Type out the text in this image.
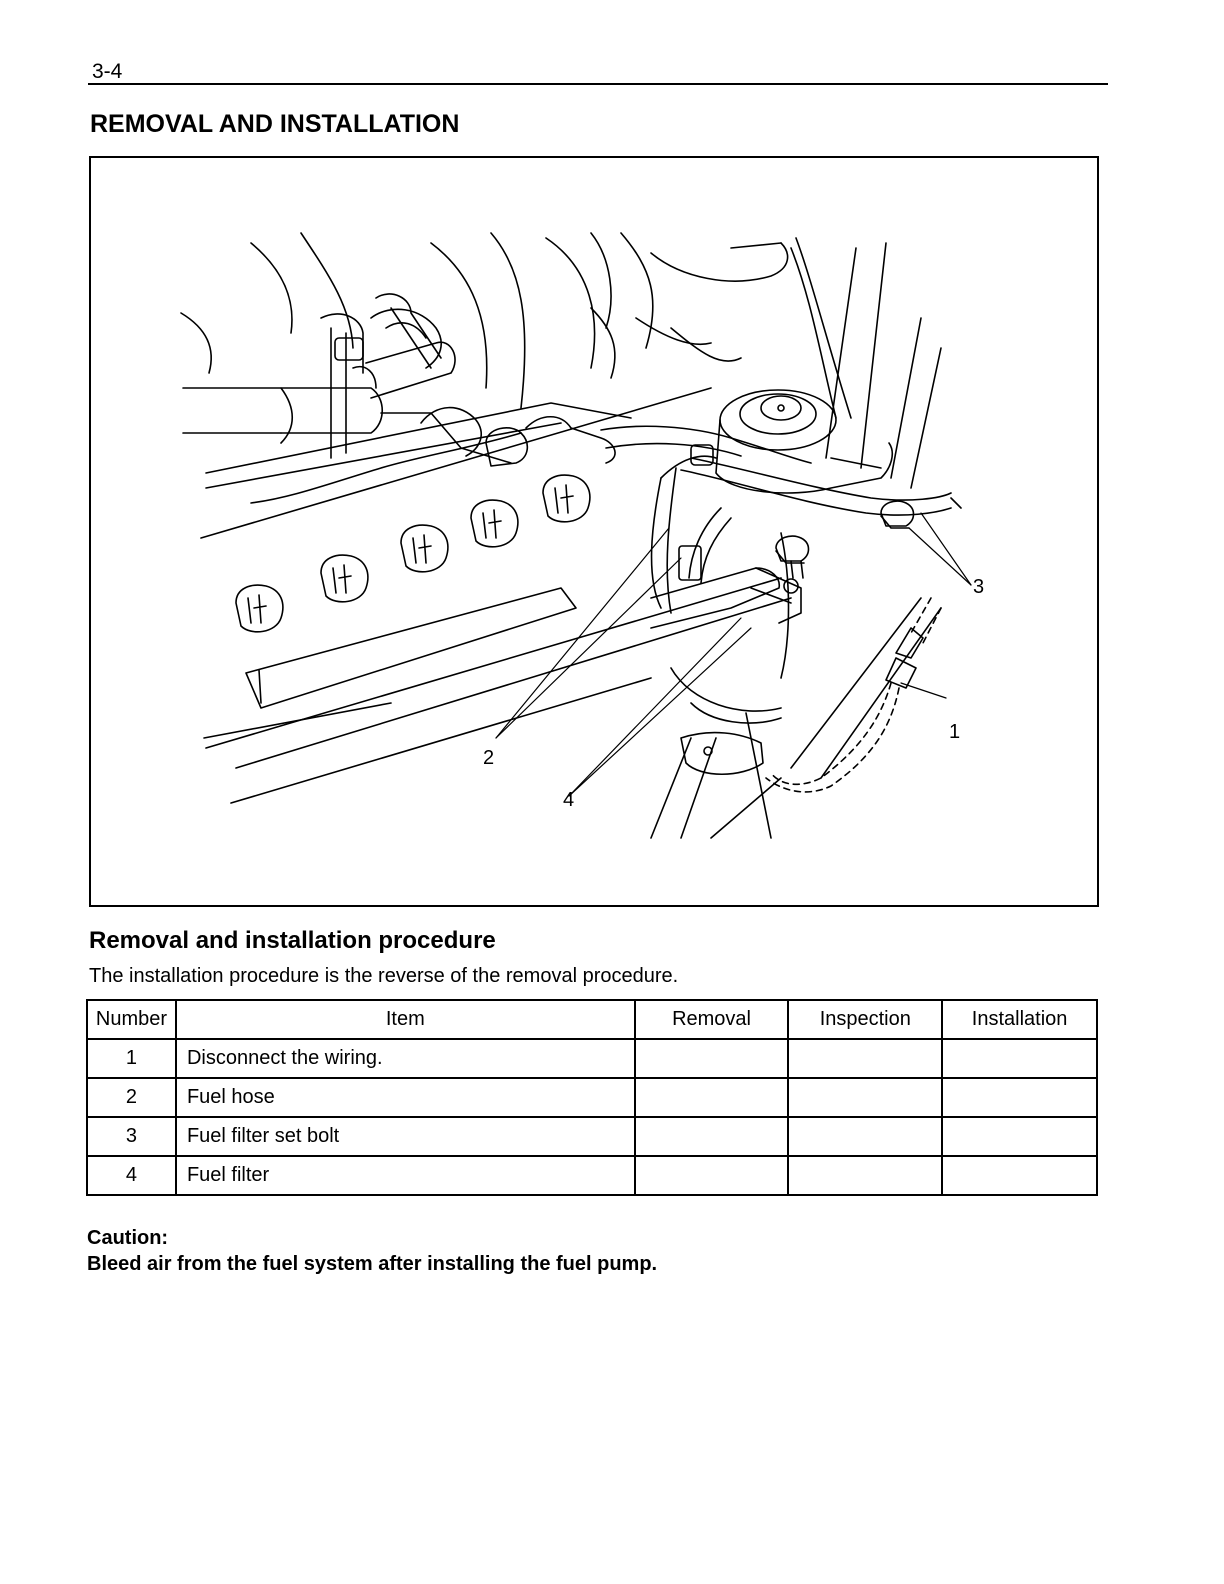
3-4
REMOVAL AND INSTALLATION
1
2
3
4
Removal and installation procedure

The installation procedure is the reverse of the removal procedure.

Number	Item	Removal	Inspection	Installation
1	Disconnect the wiring.			
2	Fuel hose			
3	Fuel filter set bolt			
4	Fuel filter			
Caution:
Bleed air from the fuel system after installing the fuel pump.
